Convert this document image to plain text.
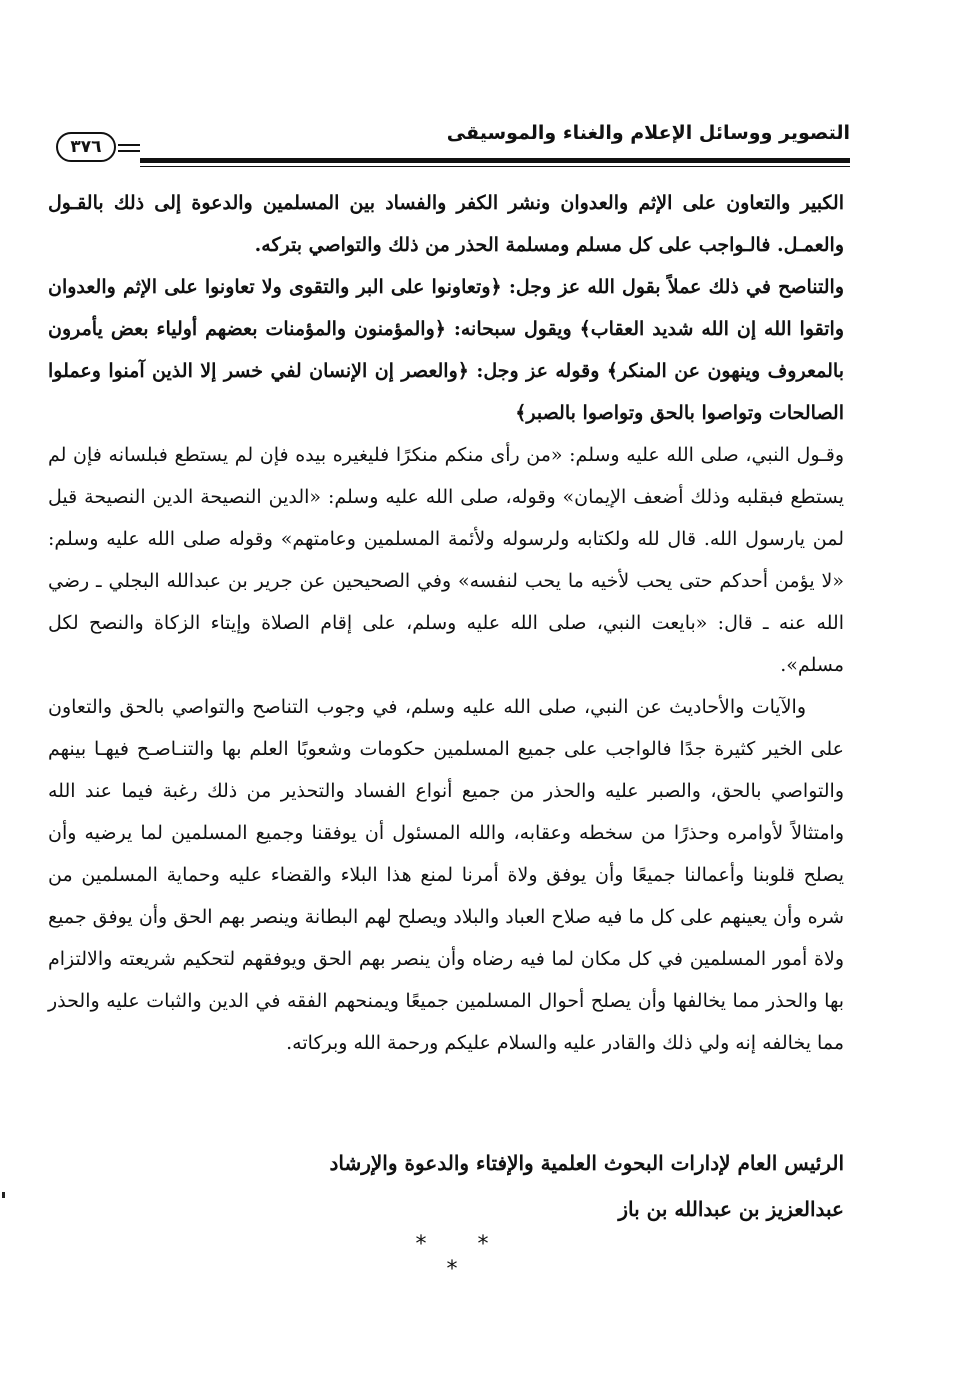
التصوير ووسائل الإعلام والغناء والموسيقى
٣٧٦

الكبير والتعاون على الإثم والعدوان ونشر الكفر والفساد بين المسلمين والدعوة إلى ذلك بالقـول والعمـل. فالـواجب على كل مسلم ومسلمة الحذر من ذلك والتواصي بتركه.

والتناصح في ذلك عملاً بقول الله عز وجل: ﴿وتعاونوا على البر والتقوى ولا تعاونوا على الإثم والعدوان واتقوا الله إن الله شديد العقاب﴾ ويقول سبحانه: ﴿والمؤمنون والمؤمنات بعضهم أولياء بعض يأمرون بالمعروف وينهون عن المنكر﴾ وقوله عز وجل: ﴿والعصر إن الإنسان لفي خسر إلا الذين آمنوا وعملوا الصالحات وتواصوا بالحق وتواصوا بالصبر﴾

وقـول النبي، صلى الله عليه وسلم: «من رأى منكم منكرًا فليغيره بيده فإن لم يستطع فبلسانه فإن لم يستطع فبقلبه وذلك أضعف الإيمان» وقوله، صلى الله عليه وسلم: «الدين النصيحة الدين النصيحة قيل لمن يارسول الله. قال لله ولكتابه ولرسوله ولأئمة المسلمين وعامتهم» وقوله صلى الله عليه وسلم: «لا يؤمن أحدكم حتى يحب لأخيه ما يحب لنفسه» وفي الصحيحين عن جرير بن عبدالله البجلي ـ رضي الله عنه ـ قال: «بايعت النبي، صلى الله عليه وسلم، على إقام الصلاة وإيتاء الزكاة والنصح لكل مسلم».

والآيات والأحاديث عن النبي، صلى الله عليه وسلم، في وجوب التناصح والتواصي بالحق والتعاون على الخير كثيرة جدًا فالواجب على جميع المسلمين حكومات وشعوبًا العلم بها والتنـاصـح فيهـا بينهم والتواصي بالحق، والصبر عليه والحذر من جميع أنواع الفساد والتحذير من ذلك رغبة فيما عند الله وامتثالاً لأوامره وحذرًا من سخطه وعقابه، والله المسئول أن يوفقنا وجميع المسلمين لما يرضيه وأن يصلح قلوبنا وأعمالنا جميعًا وأن يوفق ولاة أمرنا لمنع هذا البلاء والقضاء عليه وحماية المسلمين من شره وأن يعينهم على كل ما فيه صلاح العباد والبلاد ويصلح لهم البطانة وينصر بهم الحق وأن يوفق جميع ولاة أمور المسلمين في كل مكان لما فيه رضاه وأن ينصر بهم الحق ويوفقهم لتحكيم شريعته والالتزام بها والحذر مما يخالفها وأن يصلح أحوال المسلمين جميعًا ويمنحهم الفقه في الدين والثبات عليه والحذر مما يخالفه إنه ولي ذلك والقادر عليه والسلام عليكم ورحمة الله وبركاته.

الرئيس العام لإدارات البحوث العلمية والإفتاء والدعوة والإرشاد
عبدالعزيز بن عبدالله بن باز
* * *
